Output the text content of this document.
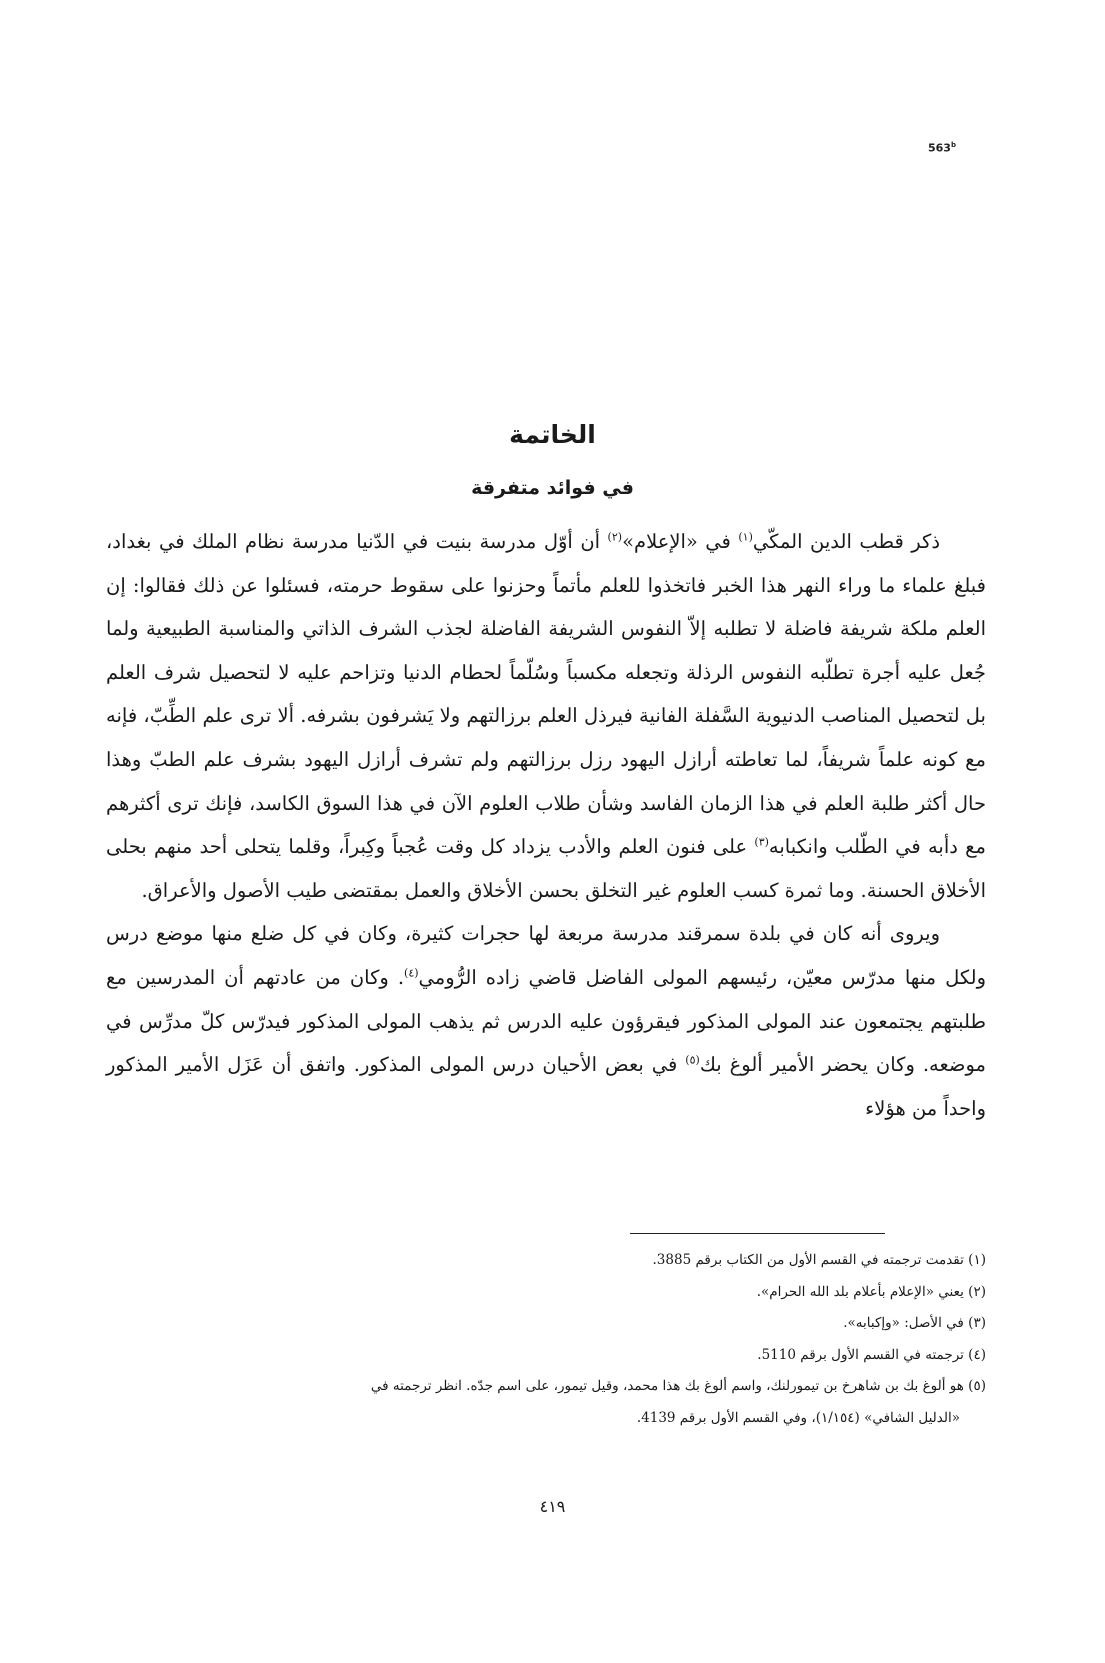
563$^b$
الخاتمة
في فوائد متفرقة

ذكر قطب الدين المكّي$^{(١)}$ في «الإعلام»$^{(٢)}$ أن أوّل مدرسة بنيت في الدّنيا مدرسة نظام الملك في بغداد، فبلغ علماء ما وراء النهر هذا الخبر فاتخذوا للعلم مأتماً وحزنوا على سقوط حرمته، فسئلوا عن ذلك فقالوا: إن العلم ملكة شريفة فاضلة لا تطلبه إلاّ النفوس الشريفة الفاضلة لجذب الشرف الذاتي والمناسبة الطبيعية ولما جُعل عليه أجرة تطلّبه النفوس الرذلة وتجعله مكسباً وسُلّماً لحطام الدنيا وتزاحم عليه لا لتحصيل شرف العلم بل لتحصيل المناصب الدنيوية السَّفلة الفانية فيرذل العلم برزالتهم ولا يَشرفون بشرفه. ألا ترى علم الطِّبّ، فإنه مع كونه علماً شريفاً، لما تعاطته أرازل اليهود رزل برزالتهم ولم تشرف أرازل اليهود بشرف علم الطبّ وهذا حال أكثر طلبة العلم في هذا الزمان الفاسد وشأن طلاب العلوم الآن في هذا السوق الكاسد، فإنك ترى أكثرهم مع دأبه في الطّلب وانكبابه$^{(٣)}$ على فنون العلم والأدب يزداد كل وقت عُجباً وكِبراً، وقلما يتحلى أحد منهم بحلى الأخلاق الحسنة. وما ثمرة كسب العلوم غير التخلق بحسن الأخلاق والعمل بمقتضى طيب الأصول والأعراق.

ويروى أنه كان في بلدة سمرقند مدرسة مربعة لها حجرات كثيرة، وكان في كل ضلع منها موضع درس ولكل منها مدرّس معيّن، رئيسهم المولى الفاضل قاضي زاده الرُّومي$^{(٤)}$. وكان من عادتهم أن المدرسين مع طلبتهم يجتمعون عند المولى المذكور فيقرؤون عليه الدرس ثم يذهب المولى المذكور فيدرّس كلّ مدرِّس في موضعه. وكان يحضر الأمير ألوغ بك$^{(٥)}$ في بعض الأحيان درس المولى المذكور. واتفق أن عَزَل الأمير المذكور واحداً من هؤلاء

(١) تقدمت ترجمته في القسم الأول من الكتاب برقم 3885.

(٢) يعني «الإعلام بأعلام بلد الله الحرام».

(٣) في الأصل: «وإكبابه».

(٤) ترجمته في القسم الأول برقم 5110.

(٥) هو ألوغ بك بن شاهرخ بن تيمورلنك، واسم ألوغ بك هذا محمد، وقيل تيمور، على اسم جدّه. انظر ترجمته في

«الدليل الشافي» (١/١٥٤)، وفي القسم الأول برقم 4139.

٤١٩
